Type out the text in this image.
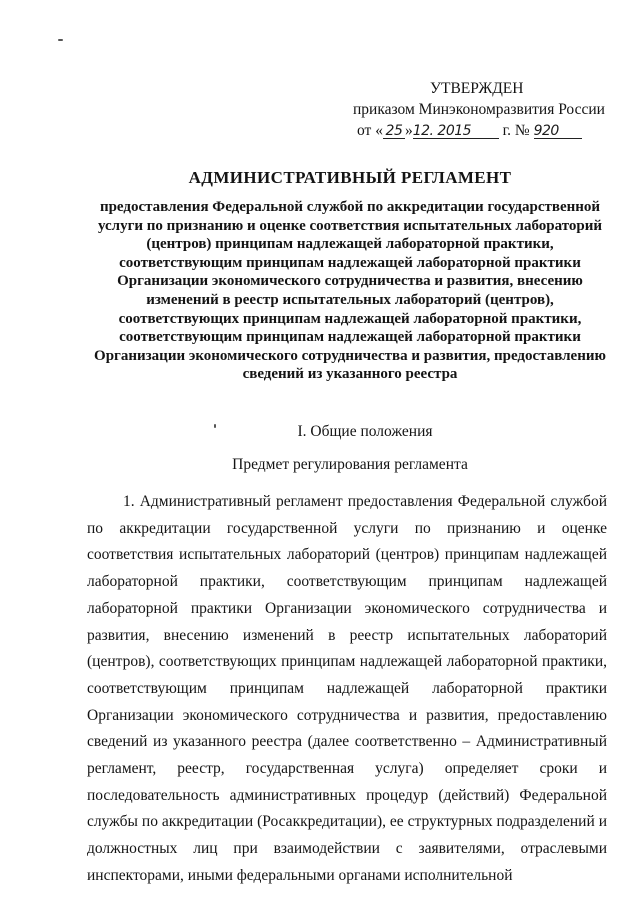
УТВЕРЖДЕН
приказом Минэкономразвития России
от « 25 »12. 2015 г. № 920
АДМИНИСТРАТИВНЫЙ РЕГЛАМЕНТ

предоставления Федеральной службой по аккредитации государственной услуги по признанию и оценке соответствия испытательных лабораторий (центров) принципам надлежащей лабораторной практики, соответствующим принципам надлежащей лабораторной практики Организации экономического сотрудничества и развития, внесению изменений в реестр испытательных лабораторий (центров), соответствующих принципам надлежащей лабораторной практики, соответствующим принципам надлежащей лабораторной практики Организации экономического сотрудничества и развития, предоставлению сведений из указанного реестра

I. Общие положения
Предмет регулирования регламента
1. Административный регламент предоставления Федеральной службой по аккредитации государственной услуги по признанию и оценке соответствия испытательных лабораторий (центров) принципам надлежащей лабораторной практики, соответствующим принципам надлежащей лабораторной практики Организации экономического сотрудничества и развития, внесению изменений в реестр испытательных лабораторий (центров), соответствующих принципам надлежащей лабораторной практики, соответствующим принципам надлежащей лабораторной практики Организации экономического сотрудничества и развития, предоставлению сведений из указанного реестра (далее соответственно – Административный регламент, реестр, государственная услуга) определяет сроки и последовательность административных процедур (действий) Федеральной службы по аккредитации (Росаккредитации), ее структурных подразделений и должностных лиц при взаимодействии с заявителями, отраслевыми инспекторами, иными федеральными органами исполнительной
